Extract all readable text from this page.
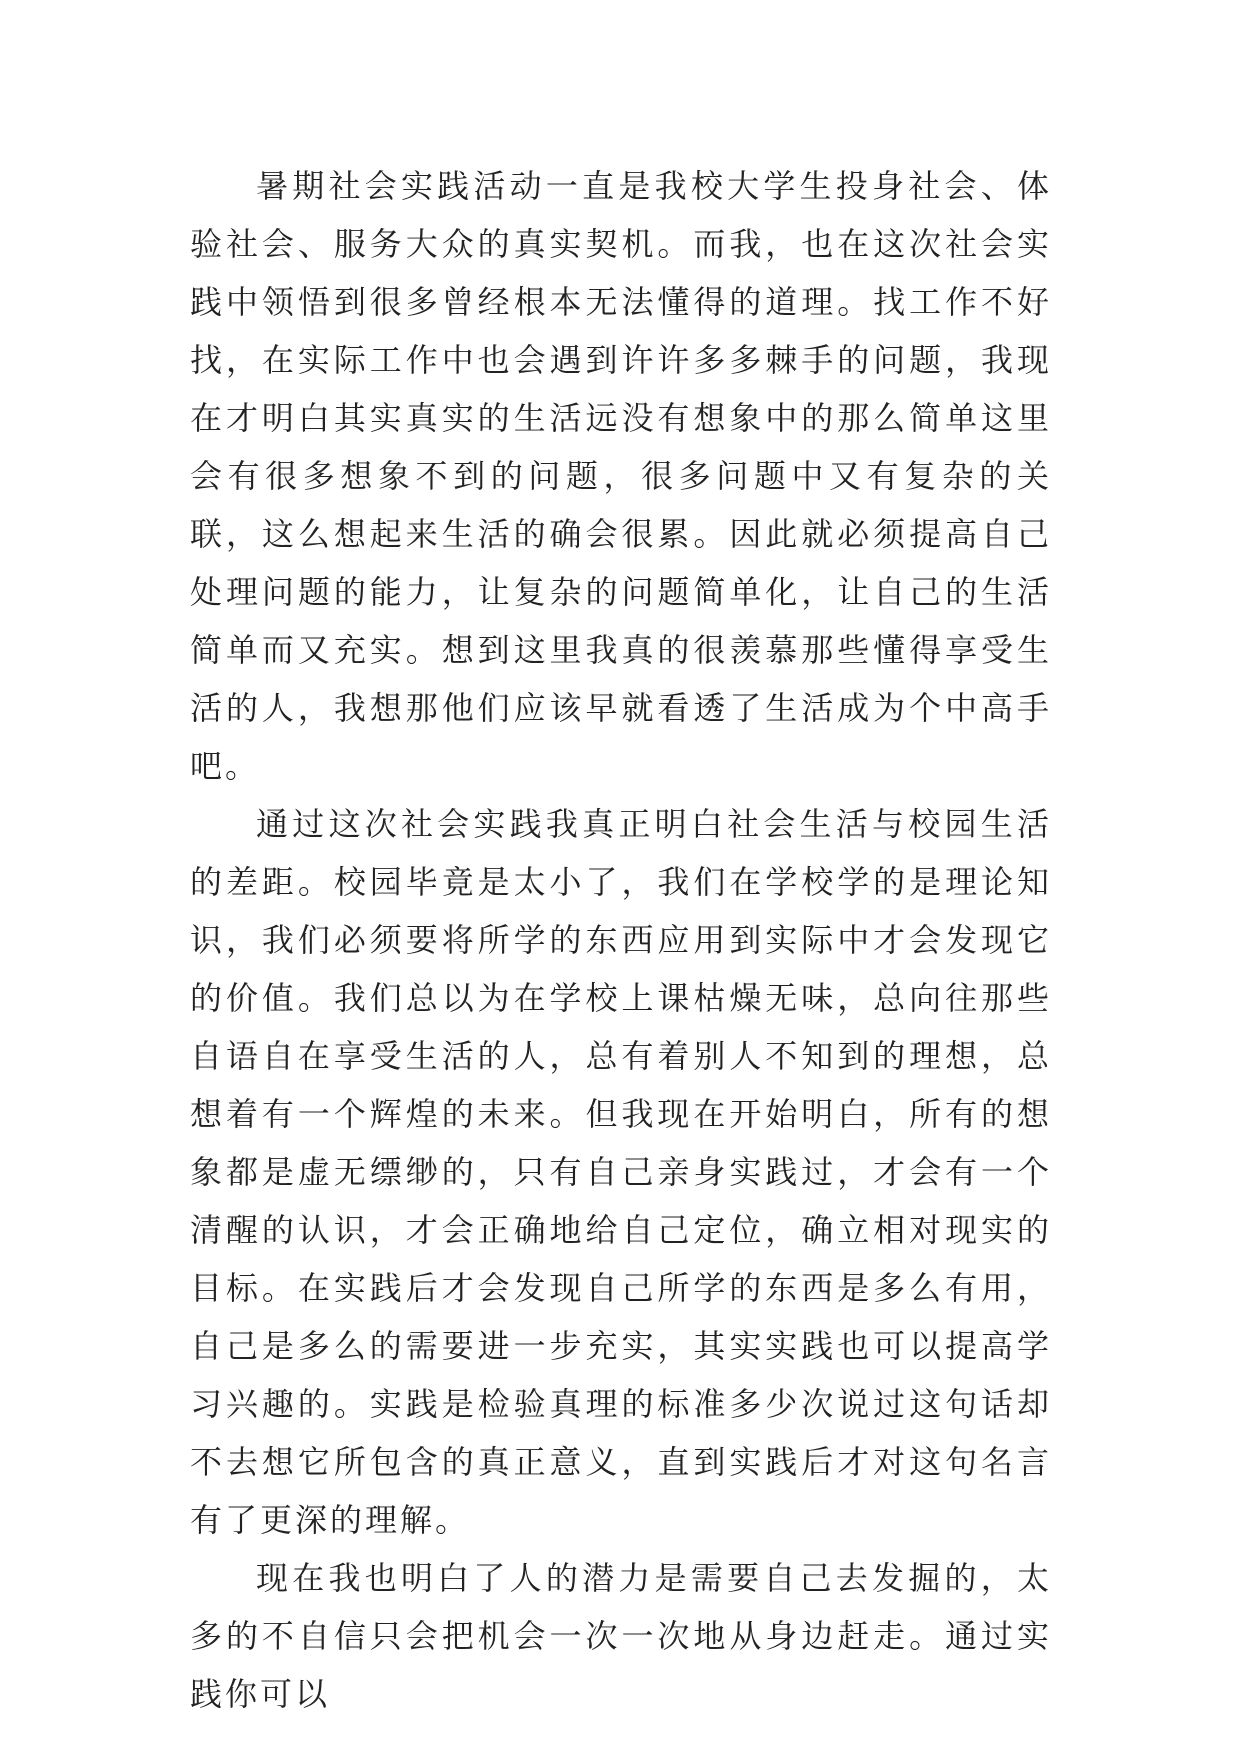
暑期社会实践活动一直是我校大学生投身社会、体验社会、服务大众的真实契机。而我，也在这次社会实践中领悟到很多曾经根本无法懂得的道理。找工作不好找，在实际工作中也会遇到许许多多棘手的问题，我现在才明白其实真实的生活远没有想象中的那么简单这里会有很多想象不到的问题，很多问题中又有复杂的关联，这么想起来生活的确会很累。因此就必须提高自己处理问题的能力，让复杂的问题简单化，让自己的生活简单而又充实。想到这里我真的很羡慕那些懂得享受生活的人，我想那他们应该早就看透了生活成为个中高手吧。

通过这次社会实践我真正明白社会生活与校园生活的差距。校园毕竟是太小了，我们在学校学的是理论知识，我们必须要将所学的东西应用到实际中才会发现它的价值。我们总以为在学校上课枯燥无味，总向往那些自语自在享受生活的人，总有着别人不知到的理想，总想着有一个辉煌的未来。但我现在开始明白，所有的想象都是虚无缥缈的，只有自己亲身实践过，才会有一个清醒的认识，才会正确地给自己定位，确立相对现实的目标。在实践后才会发现自己所学的东西是多么有用，自己是多么的需要进一步充实，其实实践也可以提高学习兴趣的。实践是检验真理的标准多少次说过这句话却不去想它所包含的真正意义，直到实践后才对这句名言有了更深的理解。

现在我也明白了人的潜力是需要自己去发掘的，太多的不自信只会把机会一次一次地从身边赶走。通过实践你可以
